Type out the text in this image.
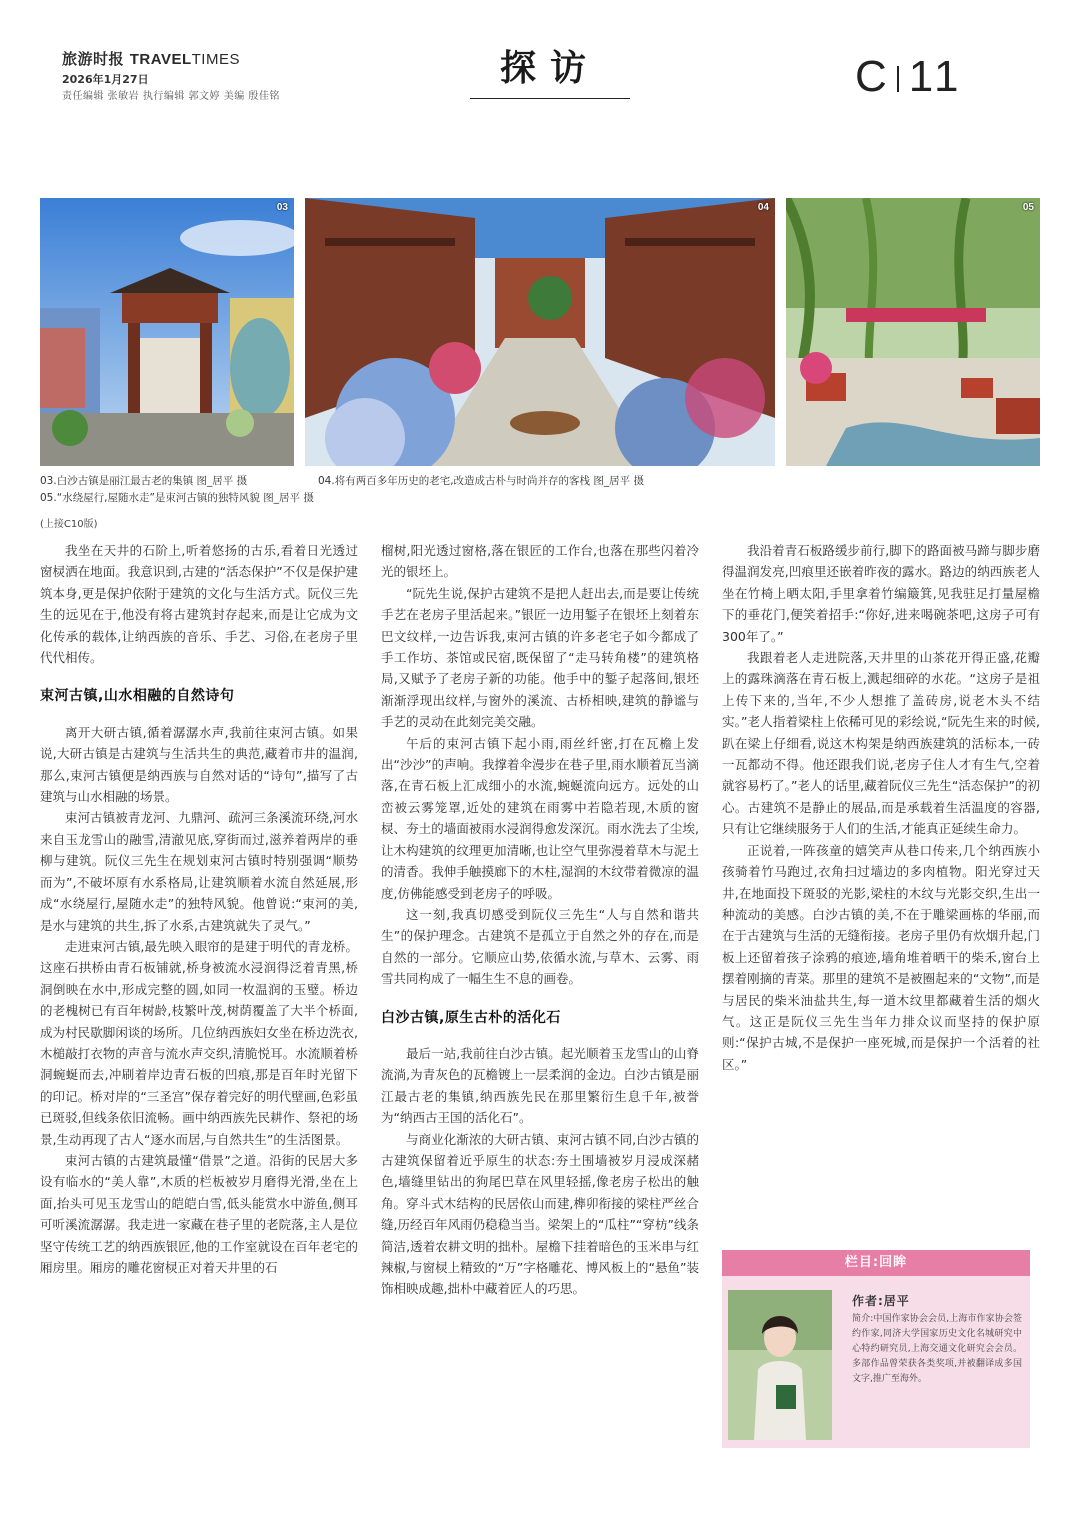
旅游时报 TRAVELTIMES
2026年1月27日
责任编辑 张敏岩 执行编辑 郭文婷 美编 殷佳铭
探访	C 11
03	04	05
03.白沙古镇是丽江最古老的集镇 图_居平 摄	04.将有两百多年历史的老宅,改造成古朴与时尚并存的客栈 图_居平 摄
05.“水绕屋行,屋随水走”是束河古镇的独特风貌 图_居平 摄
(上接C10版)

我坐在天井的石阶上,听着悠扬的古乐,看着日光透过窗棂洒在地面。我意识到,古建的“活态保护”不仅是保护建筑本身,更是保护依附于建筑的文化与生活方式。阮仪三先生的远见在于,他没有将古建筑封存起来,而是让它成为文化传承的载体,让纳西族的音乐、手艺、习俗,在老房子里代代相传。

束河古镇,山水相融的自然诗句

离开大研古镇,循着潺潺水声,我前往束河古镇。如果说,大研古镇是古建筑与生活共生的典范,藏着市井的温润,那么,束河古镇便是纳西族与自然对话的“诗句”,描写了古建筑与山水相融的场景。

束河古镇被青龙河、九鼎河、疏河三条溪流环绕,河水来自玉龙雪山的融雪,清澈见底,穿街而过,滋养着两岸的垂柳与建筑。阮仪三先生在规划束河古镇时特别强调“顺势而为”,不破坏原有水系格局,让建筑顺着水流自然延展,形成“水绕屋行,屋随水走”的独特风貌。他曾说:“束河的美,是水与建筑的共生,拆了水系,古建筑就失了灵气。”

走进束河古镇,最先映入眼帘的是建于明代的青龙桥。这座石拱桥由青石板铺就,桥身被流水浸润得泛着青黑,桥洞倒映在水中,形成完整的圆,如同一枚温润的玉璧。桥边的老槐树已有百年树龄,枝繁叶茂,树荫覆盖了大半个桥面,成为村民歇脚闲谈的场所。几位纳西族妇女坐在桥边洗衣,木槌敲打衣物的声音与流水声交织,清脆悦耳。水流顺着桥洞蜿蜒而去,冲刷着岸边青石板的凹痕,那是百年时光留下的印记。桥对岸的“三圣宫”保存着完好的明代壁画,色彩虽已斑驳,但线条依旧流畅。画中纳西族先民耕作、祭祀的场景,生动再现了古人“逐水而居,与自然共生”的生活图景。

束河古镇的古建筑最懂“借景”之道。沿街的民居大多设有临水的“美人靠”,木质的栏板被岁月磨得光滑,坐在上面,抬头可见玉龙雪山的皑皑白雪,低头能赏水中游鱼,侧耳可听溪流潺潺。我走进一家藏在巷子里的老院落,主人是位坚守传统工艺的纳西族银匠,他的工作室就设在百年老宅的厢房里。厢房的雕花窗棂正对着天井里的石

榴树,阳光透过窗格,落在银匠的工作台,也落在那些闪着冷光的银坯上。

“阮先生说,保护古建筑不是把人赶出去,而是要让传统手艺在老房子里活起来。”银匠一边用錾子在银坯上刻着东巴文纹样,一边告诉我,束河古镇的许多老宅子如今都成了手工作坊、茶馆或民宿,既保留了“走马转角楼”的建筑格局,又赋予了老房子新的功能。他手中的錾子起落间,银坯渐渐浮现出纹样,与窗外的溪流、古桥相映,建筑的静谧与手艺的灵动在此刻完美交融。

午后的束河古镇下起小雨,雨丝纤密,打在瓦檐上发出“沙沙”的声响。我撑着伞漫步在巷子里,雨水顺着瓦当滴落,在青石板上汇成细小的水流,蜿蜒流向远方。远处的山峦被云雾笼罩,近处的建筑在雨雾中若隐若现,木质的窗棂、夯土的墙面被雨水浸润得愈发深沉。雨水洗去了尘埃,让木构建筑的纹理更加清晰,也让空气里弥漫着草木与泥土的清香。我伸手触摸廊下的木柱,湿润的木纹带着微凉的温度,仿佛能感受到老房子的呼吸。

这一刻,我真切感受到阮仪三先生“人与自然和谐共生”的保护理念。古建筑不是孤立于自然之外的存在,而是自然的一部分。它顺应山势,依循水流,与草木、云雾、雨雪共同构成了一幅生生不息的画卷。

白沙古镇,原生古朴的活化石

最后一站,我前往白沙古镇。起光顺着玉龙雪山的山脊流淌,为青灰色的瓦檐镀上一层柔润的金边。白沙古镇是丽江最古老的集镇,纳西族先民在那里繁衍生息千年,被誉为“纳西古王国的活化石”。

与商业化渐浓的大研古镇、束河古镇不同,白沙古镇的古建筑保留着近乎原生的状态:夯土围墙被岁月浸成深赭色,墙缝里钻出的狗尾巴草在风里轻摇,像老房子松出的触角。穿斗式木结构的民居依山而建,榫卯衔接的梁柱严丝合缝,历经百年风雨仍稳稳当当。梁架上的“瓜柱”“穿枋”线条简洁,透着农耕文明的拙朴。屋檐下挂着暗色的玉米串与红辣椒,与窗棂上精致的“万”字格雕花、博风板上的“悬鱼”装饰相映成趣,拙朴中藏着匠人的巧思。

我沿着青石板路缓步前行,脚下的路面被马蹄与脚步磨得温润发亮,凹痕里还嵌着昨夜的露水。路边的纳西族老人坐在竹椅上晒太阳,手里拿着竹编簸箕,见我驻足打量屋檐下的垂花门,便笑着招手:“你好,进来喝碗茶吧,这房子可有300年了。”

我跟着老人走进院落,天井里的山茶花开得正盛,花瓣上的露珠滴落在青石板上,溅起细碎的水花。“这房子是祖上传下来的,当年,不少人想推了盖砖房,说老木头不结实。”老人指着梁柱上依稀可见的彩绘说,“阮先生来的时候,趴在梁上仔细看,说这木构架是纳西族建筑的活标本,一砖一瓦都动不得。他还跟我们说,老房子住人才有生气,空着就容易朽了。”老人的话里,藏着阮仪三先生“活态保护”的初心。古建筑不是静止的展品,而是承载着生活温度的容器,只有让它继续服务于人们的生活,才能真正延续生命力。

正说着,一阵孩童的嬉笑声从巷口传来,几个纳西族小孩骑着竹马跑过,衣角扫过墙边的多肉植物。阳光穿过天井,在地面投下斑驳的光影,梁柱的木纹与光影交织,生出一种流动的美感。白沙古镇的美,不在于雕梁画栋的华丽,而在于古建筑与生活的无缝衔接。老房子里仍有炊烟升起,门板上还留着孩子涂鸦的痕迹,墙角堆着晒干的柴禾,窗台上摆着刚摘的青菜。那里的建筑不是被圈起来的“文物”,而是与居民的柴米油盐共生,每一道木纹里都藏着生活的烟火气。这正是阮仪三先生当年力排众议而坚持的保护原则:“保护古城,不是保护一座死城,而是保护一个活着的社区。”

栏目:回眸
作者:居平
简介:中国作家协会会员,上海市作家协会签约作家,同济大学国家历史文化名城研究中心特约研究员,上海交通文化研究会会员。多部作品曾荣获各类奖项,并被翻译成多国文字,推广至海外。
